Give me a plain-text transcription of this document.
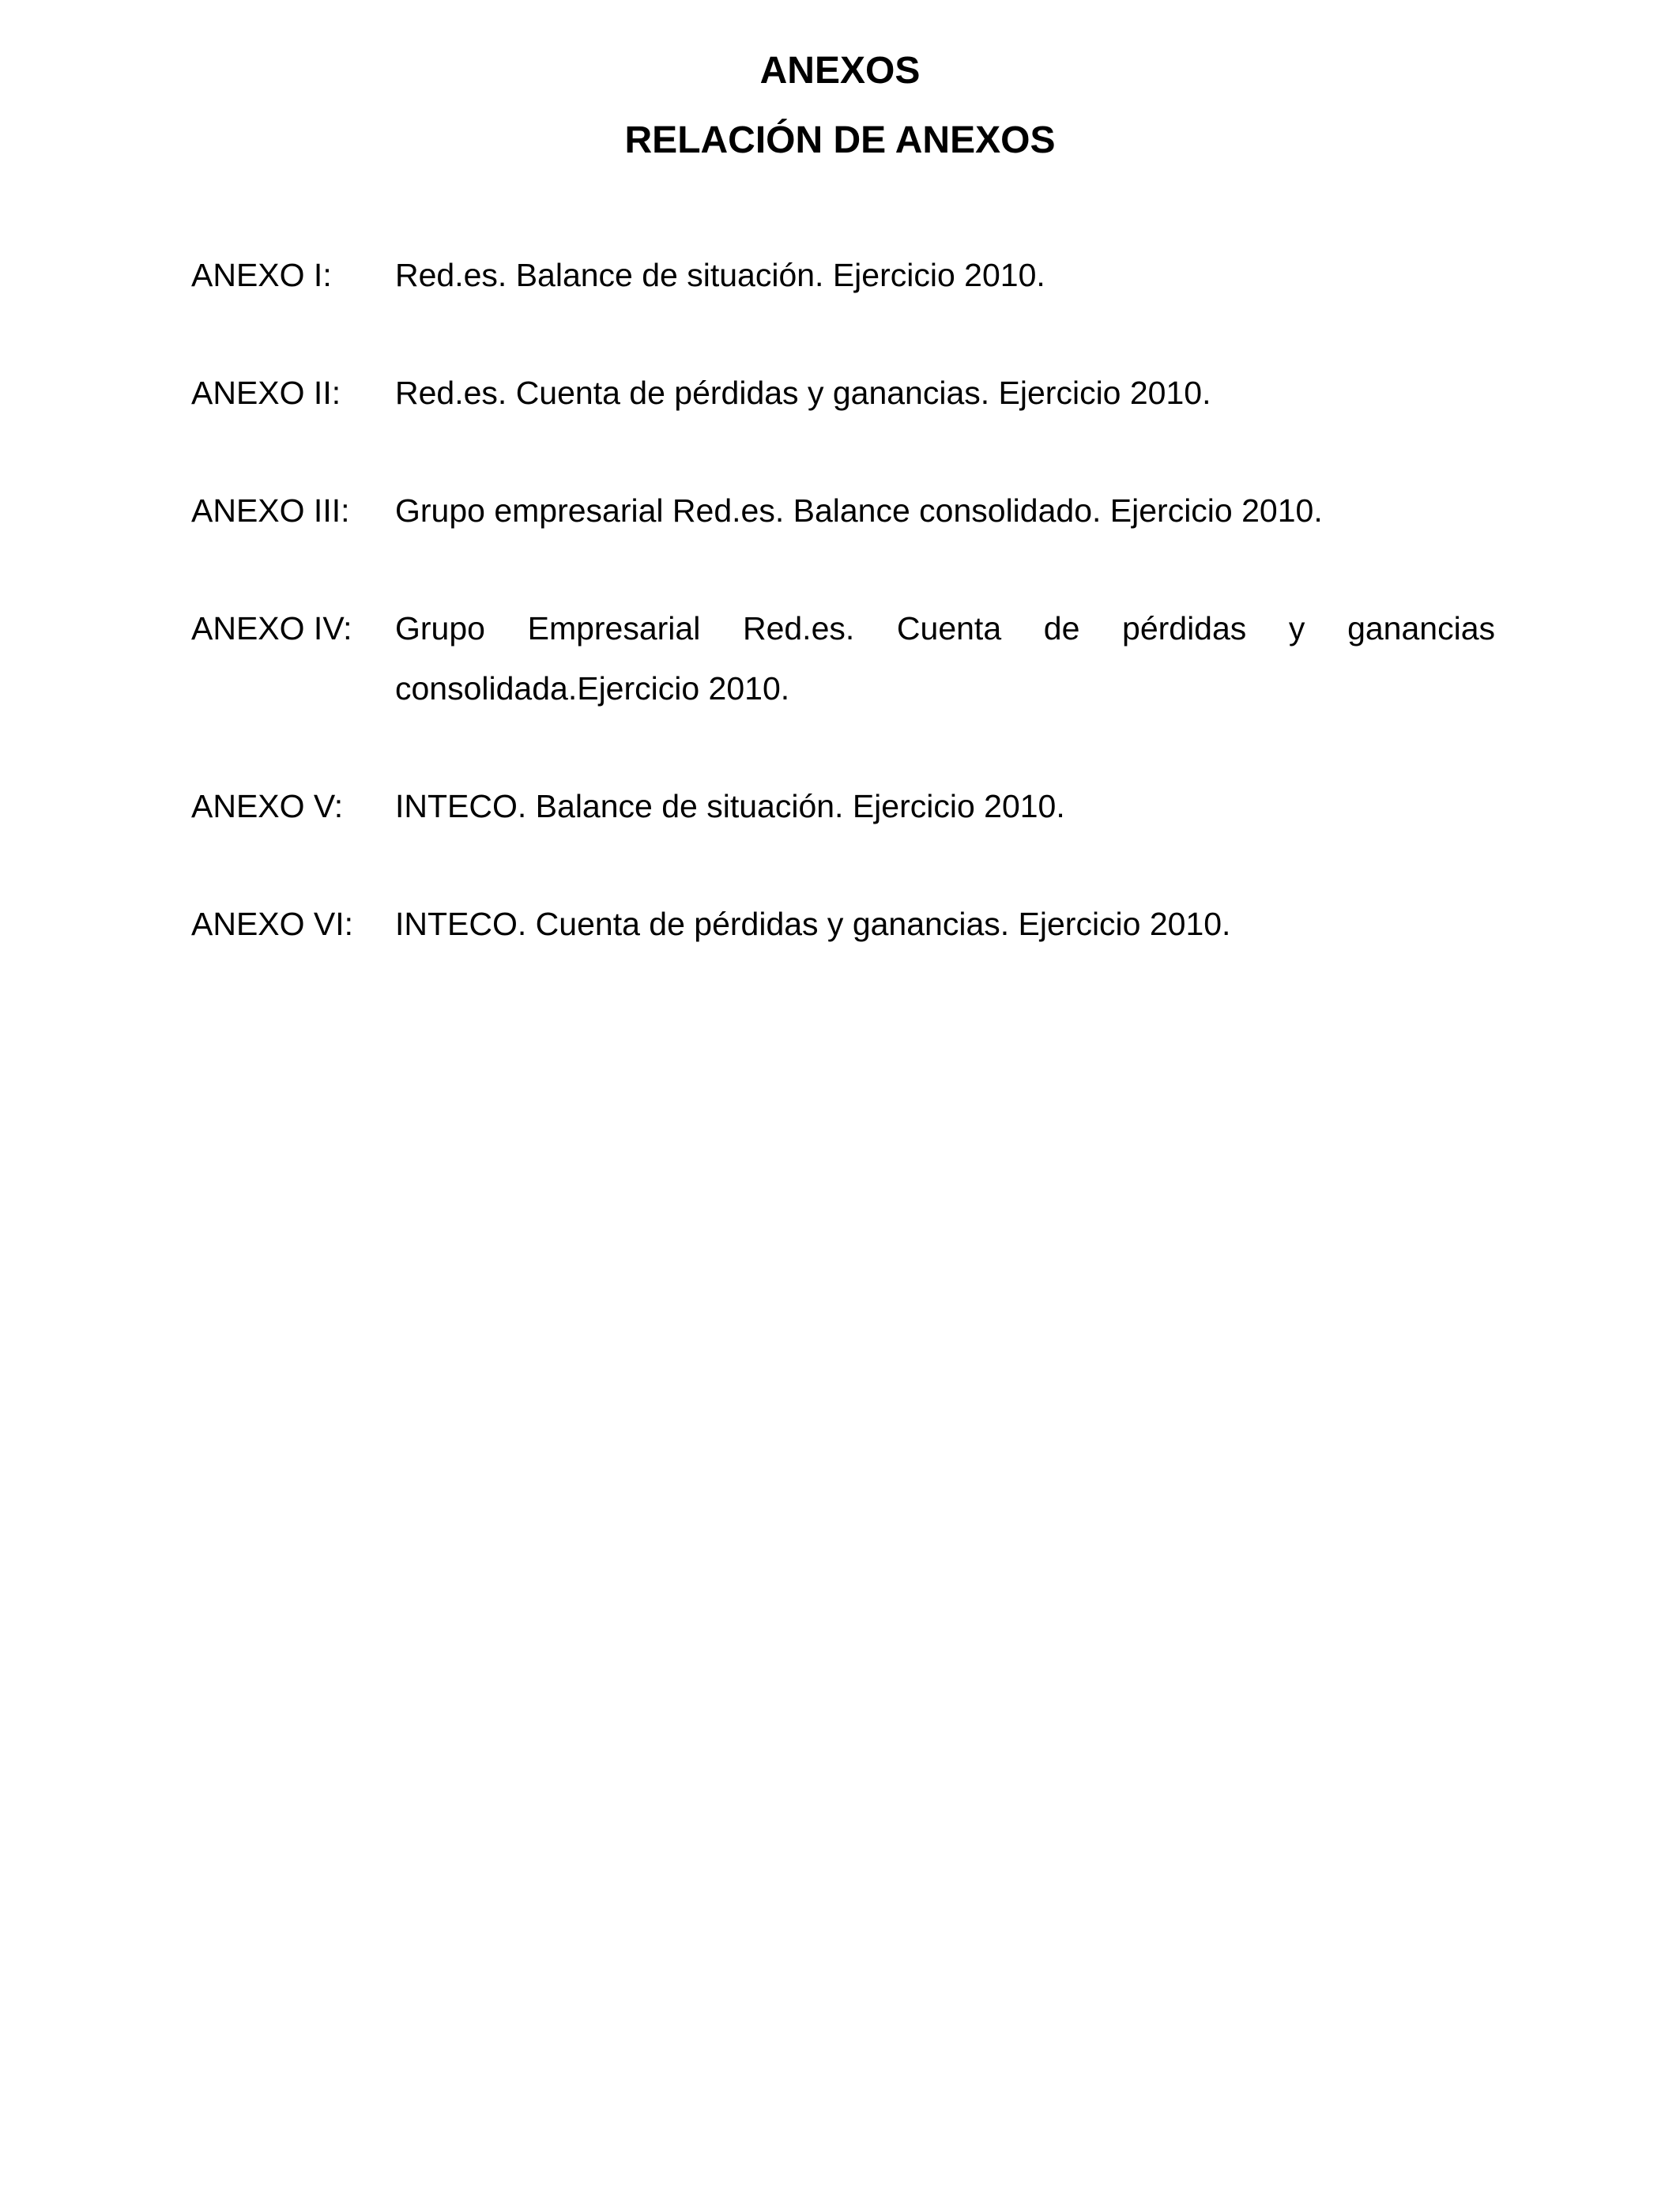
ANEXOS
RELACIÓN DE ANEXOS
ANEXO I:	Red.es. Balance de situación. Ejercicio 2010.
ANEXO II:	Red.es. Cuenta de pérdidas y ganancias. Ejercicio 2010.
ANEXO III:	Grupo empresarial Red.es. Balance consolidado. Ejercicio 2010.
ANEXO IV:	Grupo Empresarial Red.es. Cuenta de pérdidas y ganancias consolidada.Ejercicio 2010.
ANEXO V:	INTECO. Balance de situación. Ejercicio 2010.
ANEXO VI:	INTECO. Cuenta de pérdidas y ganancias. Ejercicio 2010.
